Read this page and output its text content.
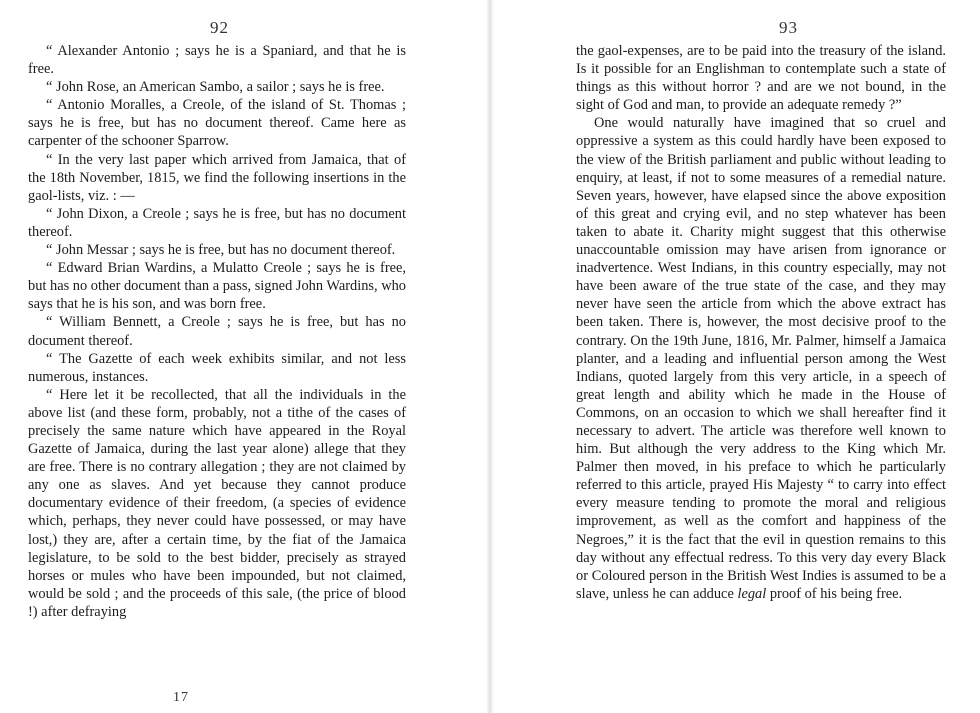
92

“ Alexander Antonio ; says he is a Spaniard, and that he is free.

“ John Rose, an American Sambo, a sailor ; says he is free.

“ Antonio Moralles, a Creole, of the island of St. Thomas ; says he is free, but has no document thereof. Came here as carpenter of the schooner Sparrow.

“ In the very last paper which arrived from Jamaica, that of the 18th November, 1815, we find the following insertions in the gaol-lists, viz. : —

“ John Dixon, a Creole ; says he is free, but has no document thereof.

“ John Messar ; says he is free, but has no document thereof.

“ Edward Brian Wardins, a Mulatto Creole ; says he is free, but has no other document than a pass, signed John Wardins, who says that he is his son, and was born free.

“ William Bennett, a Creole ; says he is free, but has no document thereof.

“ The Gazette of each week exhibits similar, and not less numerous, instances.

“ Here let it be recollected, that all the individuals in the above list (and these form, probably, not a tithe of the cases of precisely the same nature which have appeared in the Royal Gazette of Jamaica, during the last year alone) allege that they are free. There is no contrary allegation ; they are not claimed by any one as slaves. And yet because they cannot produce documentary evidence of their freedom, (a species of evidence which, perhaps, they never could have possessed, or may have lost,) they are, after a certain time, by the fiat of the Jamaica legislature, to be sold to the best bidder, precisely as strayed horses or mules who have been impounded, but not claimed, would be sold ; and the proceeds of this sale, (the price of blood !) after defraying

17
93

the gaol-expenses, are to be paid into the treasury of the island. Is it possible for an Englishman to contemplate such a state of things as this without horror ? and are we not bound, in the sight of God and man, to provide an adequate remedy ?”

One would naturally have imagined that so cruel and oppressive a system as this could hardly have been exposed to the view of the British parliament and public without leading to enquiry, at least, if not to some measures of a remedial nature. Seven years, however, have elapsed since the above exposition of this great and crying evil, and no step whatever has been taken to abate it. Charity might suggest that this otherwise unaccountable omission may have arisen from ignorance or inadvertence. West Indians, in this country especially, may not have been aware of the true state of the case, and they may never have seen the article from which the above extract has been taken. There is, however, the most decisive proof to the contrary. On the 19th June, 1816, Mr. Palmer, himself a Jamaica planter, and a leading and influential person among the West Indians, quoted largely from this very article, in a speech of great length and ability which he made in the House of Commons, on an occasion to which we shall hereafter find it necessary to advert. The article was therefore well known to him. But although the very address to the King which Mr. Palmer then moved, in his preface to which he particularly referred to this article, prayed His Majesty “ to carry into effect every measure tending to promote the moral and religious improvement, as well as the comfort and happiness of the Negroes,” it is the fact that the evil in question remains to this day without any effectual redress. To this very day every Black or Coloured person in the British West Indies is assumed to be a slave, unless he can adduce legal proof of his being free.
